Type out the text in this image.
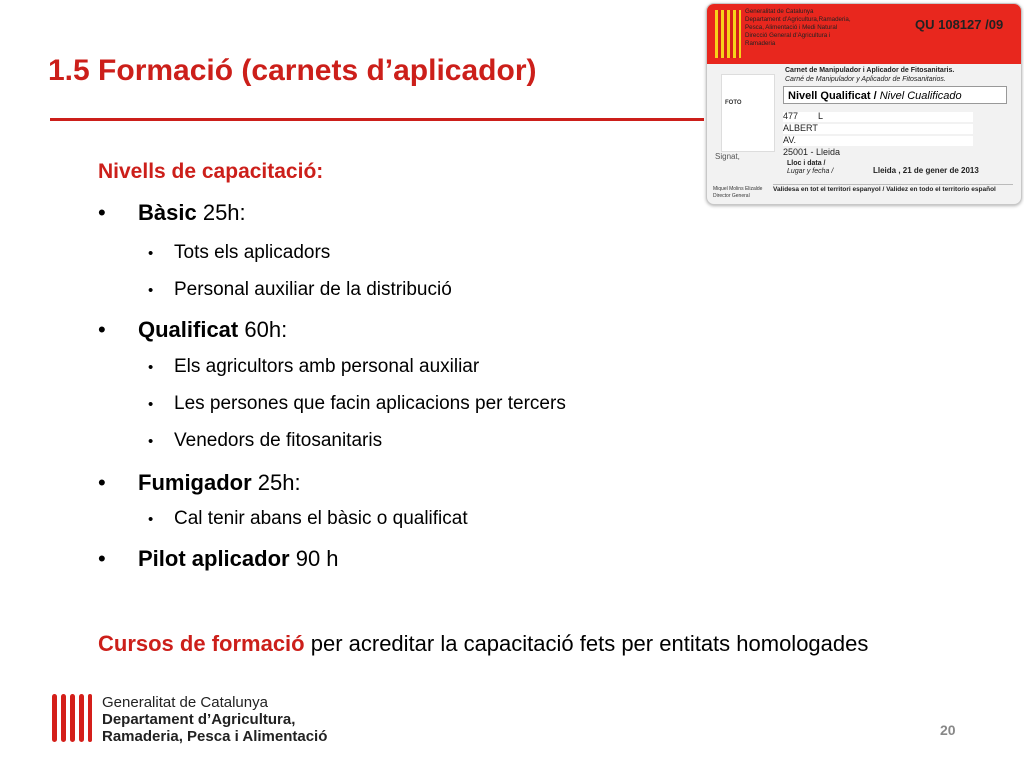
1.5 Formació (carnets d’aplicador)
Nivells de capacitació:
• Bàsic 25h:
• Tots els aplicadors
• Personal auxiliar de la distribució
• Qualificat 60h:
• Els agricultors amb personal auxiliar
• Les persones que facin aplicacions per tercers
• Venedors de fitosanitaris
• Fumigador 25h:
• Cal tenir abans el bàsic o qualificat
• Pilot aplicador 90 h
Cursos de formació per acreditar la capacitació fets per entitats homologades
Generalitat de Catalunya
Departament d’Agricultura,Ramaderia,
Pesca, Alimentació i Medi Natural
Direcció General d’Agricultura i
Ramaderia
QU 108127 /09
Carnet de Manipulador i Aplicador de Fitosanitaris.
Carné de Manipulador y Aplicador de Fitosanitarios.
FOTO
Nivell Qualificat / Nivel Cualificado
477 L
ALBERT
AV.
25001 - Lleida
Signat,
Lloc i data /
Lugar y fecha /	Lleida , 21 de gener de 2013
Miquel Molins Elizalde
Director General
Validesa en tot el territori espanyol / Validez en todo el territorio español
Generalitat de Catalunya
Departament d’Agricultura,
Ramaderia, Pesca i Alimentació	20
